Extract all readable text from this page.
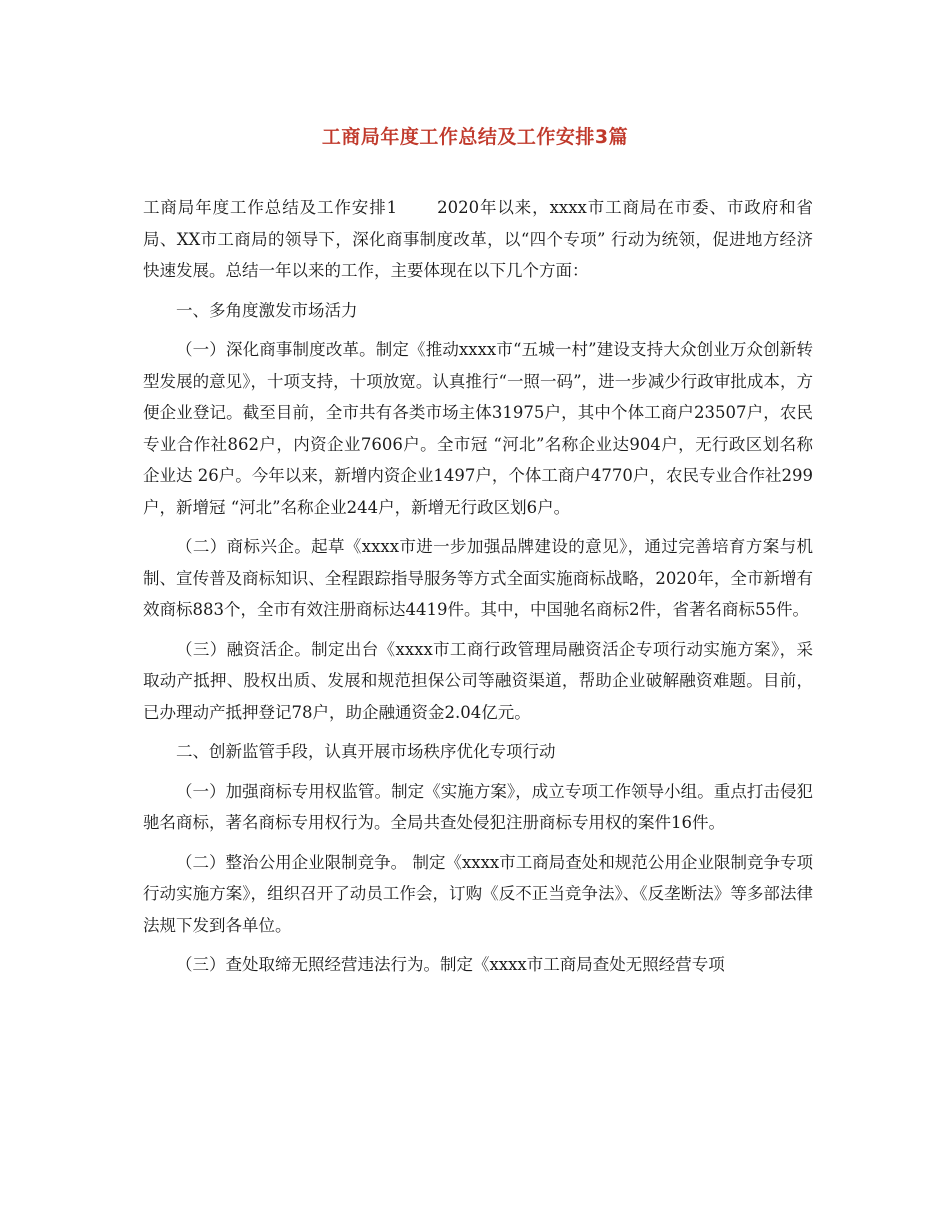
工商局年度工作总结及工作安排3篇

工商局年度工作总结及工作安排1 2020年以来，xxxx市工商局在市委、市政府和省局、XX市工商局的领导下，深化商事制度改革，以“四个专项” 行动为统领，促进地方经济快速发展。总结一年以来的工作，主要体现在以下几个方面：

一、多角度激发市场活力

（一）深化商事制度改革。制定《推动xxxx市“五城一村”建设支持大众创业万众创新转型发展的意见》，十项支持，十项放宽。认真推行“一照一码”，进一步减少行政审批成本，方便企业登记。截至目前，全市共有各类市场主体31975户，其中个体工商户23507户，农民专业合作社862户，内资企业7606户。全市冠 “河北”名称企业达904户，无行政区划名称企业达 26户。今年以来，新增内资企业1497户，个体工商户4770户，农民专业合作社299户，新增冠 “河北”名称企业244户，新增无行政区划6户。

（二）商标兴企。起草《xxxx市进一步加强品牌建设的意见》，通过完善培育方案与机制、宣传普及商标知识、全程跟踪指导服务等方式全面实施商标战略，2020年，全市新增有效商标883个，全市有效注册商标达4419件。其中，中国驰名商标2件，省著名商标55件。

（三）融资活企。制定出台《xxxx市工商行政管理局融资活企专项行动实施方案》，采取动产抵押、股权出质、发展和规范担保公司等融资渠道，帮助企业破解融资难题。目前，已办理动产抵押登记78户，助企融通资金2.04亿元。

二、创新监管手段，认真开展市场秩序优化专项行动

（一）加强商标专用权监管。制定《实施方案》，成立专项工作领导小组。重点打击侵犯驰名商标，著名商标专用权行为。全局共查处侵犯注册商标专用权的案件16件。

（二）整治公用企业限制竞争。 制定《xxxx市工商局查处和规范公用企业限制竞争专项行动实施方案》，组织召开了动员工作会，订购《反不正当竞争法》、《反垄断法》等多部法律法规下发到各单位。

（三）查处取缔无照经营违法行为。制定《xxxx市工商局查处无照经营专项
